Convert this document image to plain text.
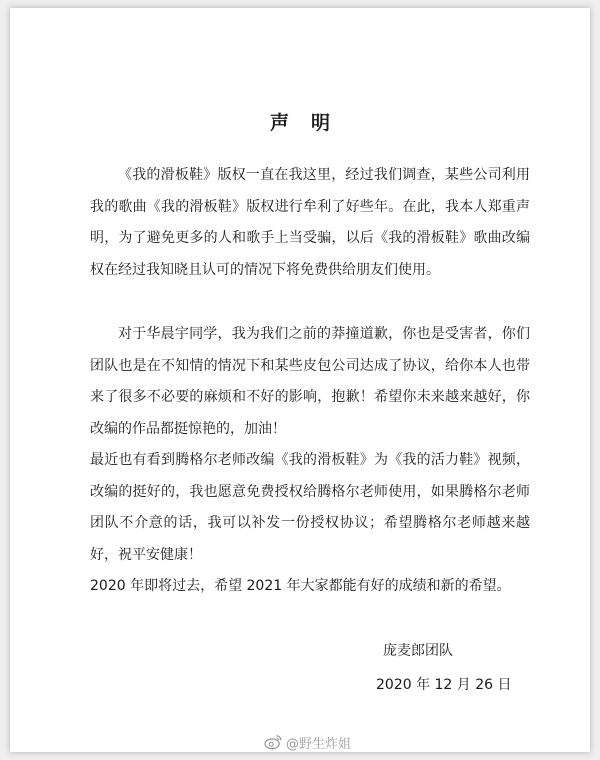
声明

《我的滑板鞋》版权一直在我这里，经过我们调查，某些公司利用我的歌曲《我的滑板鞋》版权进行牟利了好些年。在此，我本人郑重声明，为了避免更多的人和歌手上当受骗，以后《我的滑板鞋》歌曲改编权在经过我知晓且认可的情况下将免费供给朋友们使用。

对于华晨宇同学，我为我们之前的莽撞道歉，你也是受害者，你们团队也是在不知情的情况下和某些皮包公司达成了协议，给你本人也带来了很多不必要的麻烦和不好的影响，抱歉！希望你未来越来越好，你改编的作品都挺惊艳的，加油！

最近也有看到腾格尔老师改编《我的滑板鞋》为《我的活力鞋》视频，改编的挺好的，我也愿意免费授权给腾格尔老师使用，如果腾格尔老师团队不介意的话，我可以补发一份授权协议；希望腾格尔老师越来越好，祝平安健康！

2020 年即将过去，希望 2021 年大家都能有好的成绩和新的希望。

庞麦郎团队
2020 年 12 月 26 日
@野生炸姐
